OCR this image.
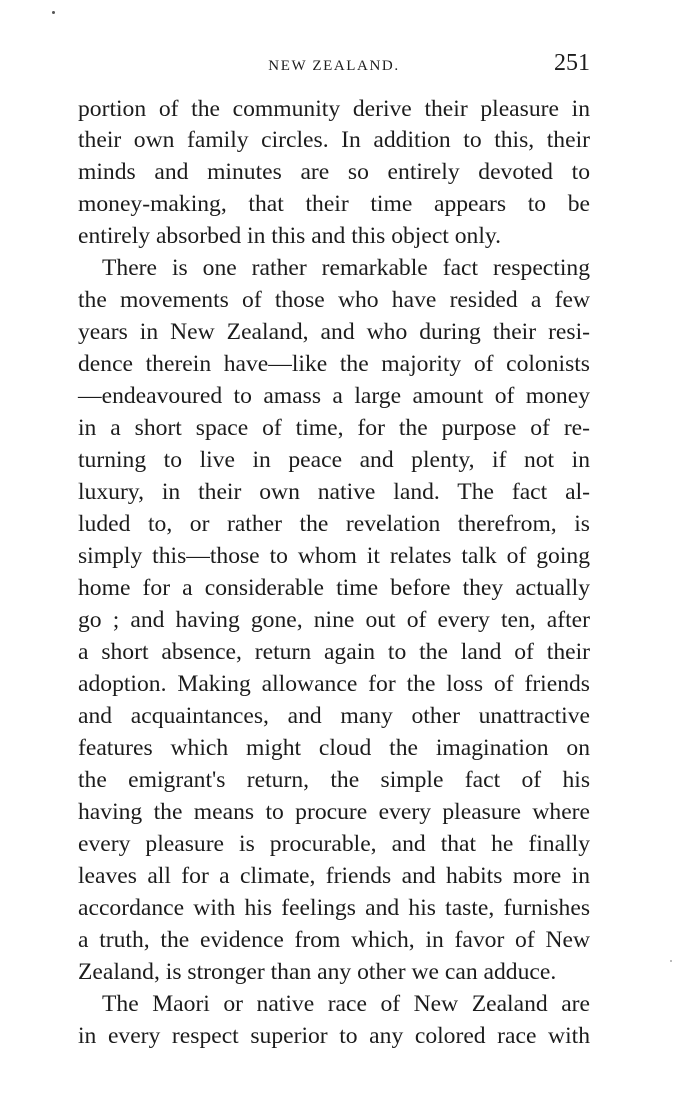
NEW ZEALAND.	251
portion of the community derive their pleasure in
their own family circles. In addition to this, their
minds and minutes are so entirely devoted to
money-making, that their time appears to be
entirely absorbed in this and this object only.
There is one rather remarkable fact respecting
the movements of those who have resided a few
years in New Zealand, and who during their resi-
dence therein have—like the majority of colonists
—endeavoured to amass a large amount of money
in a short space of time, for the purpose of re-
turning to live in peace and plenty, if not in
luxury, in their own native land. The fact al-
luded to, or rather the revelation therefrom, is
simply this—those to whom it relates talk of going
home for a considerable time before they actually
go ; and having gone, nine out of every ten, after
a short absence, return again to the land of their
adoption. Making allowance for the loss of friends
and acquaintances, and many other unattractive
features which might cloud the imagination on
the emigrant's return, the simple fact of his
having the means to procure every pleasure where
every pleasure is procurable, and that he finally
leaves all for a climate, friends and habits more in
accordance with his feelings and his taste, furnishes
a truth, the evidence from which, in favor of New
Zealand, is stronger than any other we can adduce.
The Maori or native race of New Zealand are
in every respect superior to any colored race with
